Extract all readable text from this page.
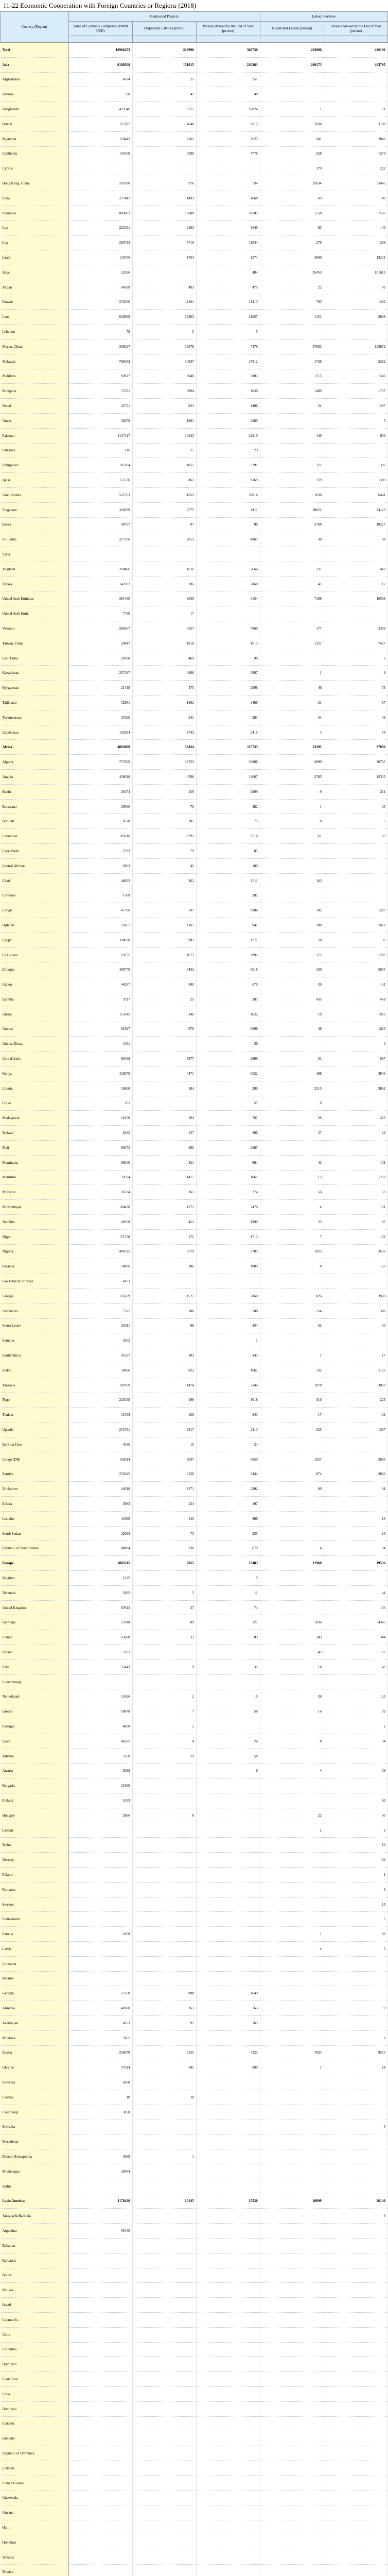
11-22 Economic Cooperation with Foreign Countries or Regions (2018)
Country (Region)	Contracted Projects			Labour Services	
	Value of Contracts Completed (10000 USD)	Dispatched Labour (person)	Persons Abroad by the End of Year (person)	Dispatched Labour (person)	Persons Abroad by the End of Year (person)

Total	16906453	228990	366730	263806	496190
Asia	8180508	151015	216263	206173	403795
Afghanistan	4784	25	251		
Bahrain	730	41	40		
Bangladesh	433546	5751	10024	1	11
Brunei	127187	4640	5615	2030	3180
Myanmar	119442	2561	3627	941	2046
Cambodia	195100	3596	4776	628	1579
Cyprus				379	222
Hong Kong, China	595780	976	734	35634	53445
India	277441	1493	1668	69	149
Indonesia	809602	10688	20605	1558	7536
Iran	221051	2103	3649	93	140
Iraq	290713	6719	11034	279	288
Israel	118766	1764	1574	2600	12231
Japan	12026		484	35453	101615
Jordan	64189	493	475	22	43
Kuwait	270256	11161	11413	793	1462
Laos	626869	12363	21657	1151	2688
Lebanon	79	5	5		
Macao, China	300027	13678	7479	37683	133672
Malaysia	799482	10637	17812	1726	5282
Maldives	92827	3040	5803	1715	1346
Mongolia	75721	3894	1650	1489	1737
Nepal	45721	833	1406	24	297
Oman	36079	1081	2289		5
Pakistan	1127117	10343	22819	449	656
Palestine	216	27	29		
Philippines	185284	1051	3191	122	396
Qatar	155736	862	1169	759	1389
Saudi Arabia	521763	11652	18016	1630	6441
Singapore	328199	2775	4111	38022	94123
Korea	40797	97	88	2768	18227
Sri Lanka	217376	2815	4067	30	98
Syria					
Thailand	260486	1626	2666	237	410
Turkey	142203	786	2060	41	117
United Arab Emirates	381488	2659	6154	7188	10398
United Arab Emir.	7730	17			
Vietnam	286167	3557	7060	177	2399
Taiwan, China	29047	1910	1613	1121	7427
East Timor	20290	469	90		5
Kazakhstan	257187	4268	5997	1	9
Kyrgyzstan	21418	475	2098	46	73
Tajikistan	52981	1362	2466	21	87
Turkmenistan	27296	241	281	34	49
Uzbekistan	155394	2743	2415	4	54
Africa	4883089	53434	115735	23295	37090
Algeria	757369	19723	39888	4999	20765
Angola	436618	4788	14667	2785	15335
Benin	26474	159	2009	9	211
Botswana	20566	70	482	1	33
Burundi	8578	301	75	8	5
Cameroon	105616	2792	2716	61	85
Cape Verde	2793	79	85		
Central African	2863	42	180		
Chad	48632	362	1511	163	
Comoros	1509		282		
Congo	47796	597	9986	182	1213
Djibouti	59167	1167	941	200	2472
Egypt	338030	983	1771	28	36
Eq.Guinea	19755	1673	2992	172	1283
Ethiopia	489779	3432	8518	230	5035
Gabon	44287	500	670	20	131
Gambia	3717	25	287	435	458
Ghana	113145	346	1622	10	1935
Guinea	81997	976	9008	48	1023
Guinea Bissau	4481		36		4
Cote d'Ivoire	80488	5277	2809	31	587
Kenya	420079	4471	6622	488	3046
Liberia	19600	184	290	2315	3662
Libya	151		57	6	
Madagascar	16158	194	761	26	453
Malawi	8492	137	306	27	22
Mali	86572	290	2207		
Mauritania	99240	421	904	42	131
Mauritius	32634	1417	1061	13	1250
Morocco	36334	361	374	56	33
Mozambique	180430	1371	3470	4	101
Namibia	49558	452	1999	25	87
Niger	171758	172	1713	7	102
Nigeria	406795	3579	7785	1023	3559
Rwanda	74806	306	1009	8	123
Sao Tome & Principe	4163				
Senegal	116269	1527	2060	826	3920
Seychelles	7321	180	508	254	380
Sierra Leone	26311	98	434	62	40
Somalia	5952		1		
South Africa	45127	103	243	1	17
Sudan	58966	822	1661	132	1125
Tanzania	187059	1474	3344	1070	3050
Togo	220138	198	1018	310	225
Tunisia	11353	159	243	17	22
Uganda	215781	2817	2413	255	1387
Burkina Faso	4546	10	24		
Congo (DR)	182014	2037	5059	1027	2000
Zambia	270245	3138	5444	874	3020
Zimbabwe	44018	1171	2202	60	91
Eritrea	3983	134	107		
Lesotho	11669	143	306		16
South Sudan	22083	73	235		13
Republic of South Sudan	48804	230	679	4	34
Europe	1883215	7855	13483	12960	19536
Belgium	1225		5		
Denmark	5065	5	11		44
United Kingdom	87813	37	74		103
Germany	57018	89	127	1036	4345
France	63608	33	89	143	344
Ireland	5362			45	27
Italy	37443	9	35	18	43
Luxembourg					
Netherlands	13426	2	15	26	125
Greece	18678	7	56	16	39
Portugal	4050	1			2
Spain	46125	4	26	8	34
Albania	3350	29	58		
Austria	2098		6	4	39
Bulgaria	21968				
Finland	5133				60
Hungary	3966	8		22	60
Iceland				2	2
Malta					10
Norway					64
Poland					1
Romania					3
Sweden					15
Switzerland					5
Estonia	2458			1	66
Latvia				4	5
Lithuania					
Belarus					
Georgia	27760	808	1649		
Armenia	40300	263	563		9
Azerbaijan	6853	92	265		
Moldova	7455				2
Russia	256070	2135	4123	7833	9553
Ukraine	37614	585	899	1	14
Slovenia	6200				
Croatia	10	20			
Czech Rep.	3850				
Slovakia					3
Macedonia					
Bosnia-Herzegovina	3698	1			
Montenegro	28484				
Serbia					
Latin America	1178420	10145	15520	10899	26140
Antigua & Barbuda					6
Argentina	95430				
Bahamas					
Barbados					
Belize					
Bolivia					
Brazil					
Cayman Is.					
Chile					
Colombia					
Dominica					
Costa Rica					
Cuba					
Dominica					
Ecuador					
Grenada					
Republic of Dominica					
Ecuador					
French Guiana					
Guatemala					
Guyana					
Haiti					
Honduras					
Jamaica					
Mexico					
